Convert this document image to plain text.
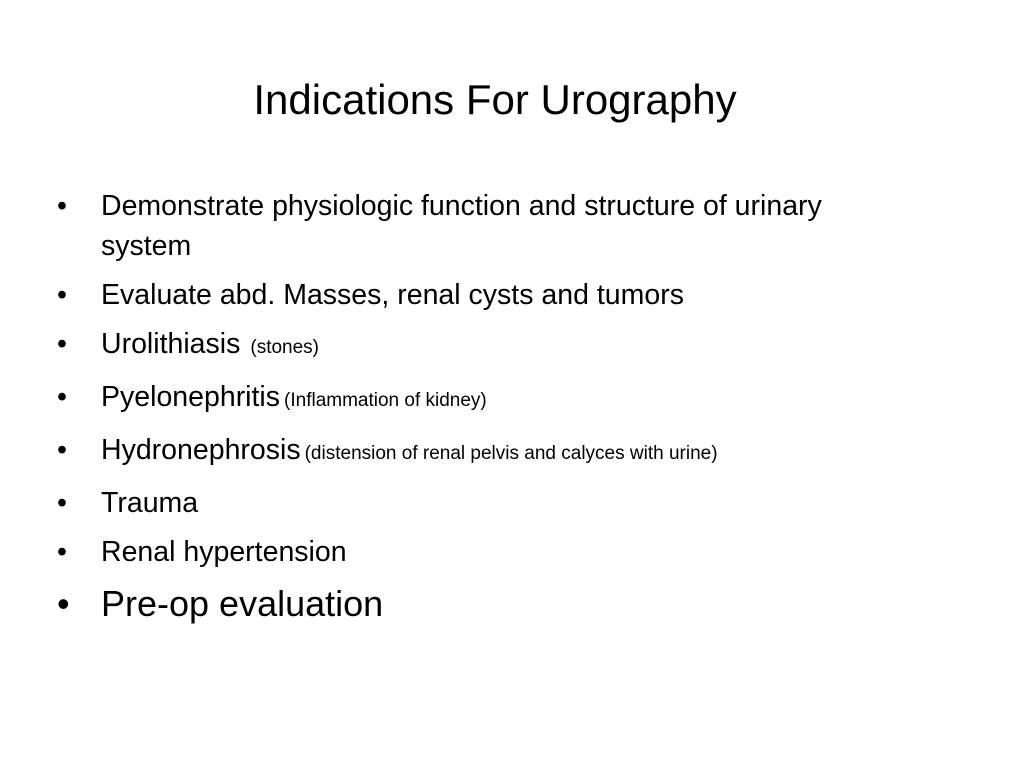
Indications For Urography
•	Demonstrate physiologic function and structure of urinary system
•	Evaluate abd. Masses, renal cysts and tumors
•	Urolithiasis (stones)
•	Pyelonephritis (Inflammation of kidney)
•	Hydronephrosis (distension of renal pelvis and calyces with urine)
•	Trauma
•	Renal hypertension
• Pre-op evaluation
